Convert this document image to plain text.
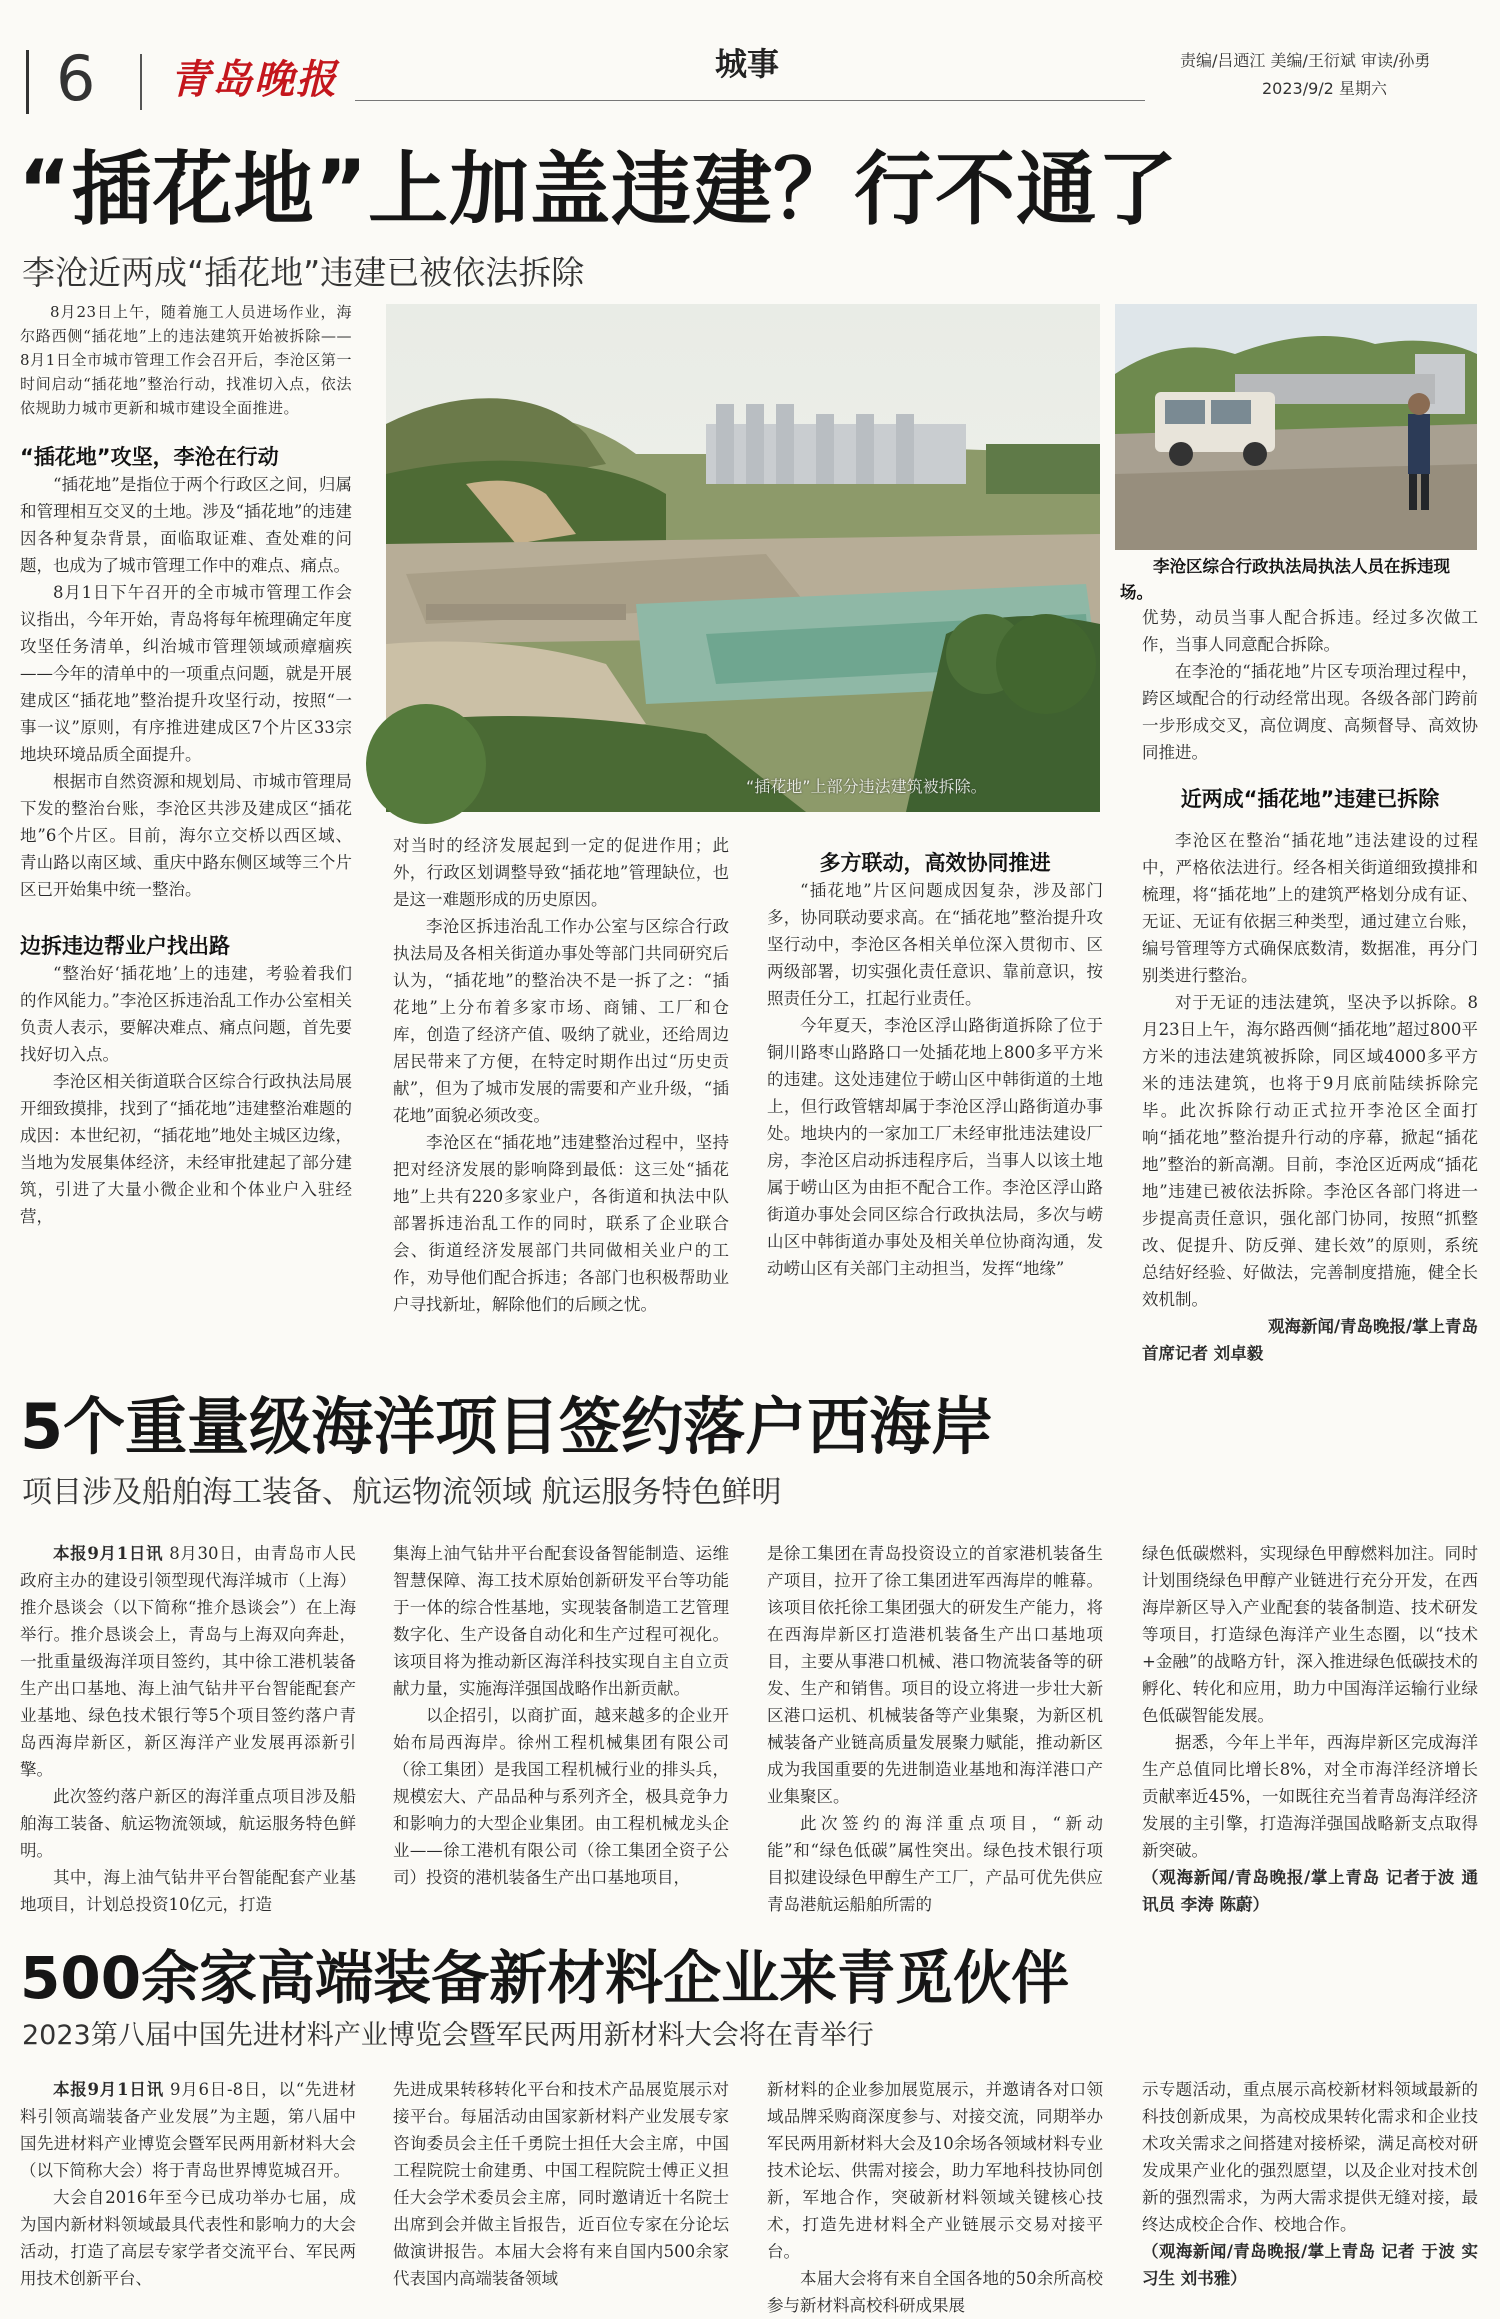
6 青岛晚报	城事	责编/吕迺江 美编/王衍斌 审读/孙勇
2023/9/2 星期六
“插花地”上加盖违建？行不通了
李沧近两成“插花地”违建已被依法拆除

8月23日上午，随着施工人员进场作业，海尔路西侧“插花地”上的违法建筑开始被拆除——8月1日全市城市管理工作会召开后，李沧区第一时间启动“插花地”整治行动，找准切入点，依法依规助力城市更新和城市建设全面推进。

“插花地”攻坚，李沧在行动

“插花地”是指位于两个行政区之间，归属和管理相互交叉的土地。涉及“插花地”的违建因各种复杂背景，面临取证难、查处难的问题，也成为了城市管理工作中的难点、痛点。

8月1日下午召开的全市城市管理工作会议指出，今年开始，青岛将每年梳理确定年度攻坚任务清单，纠治城市管理领域顽瘴痼疾——今年的清单中的一项重点问题，就是开展建成区“插花地”整治提升攻坚行动，按照“一事一议”原则，有序推进建成区7个片区33宗地块环境品质全面提升。

根据市自然资源和规划局、市城市管理局下发的整治台账，李沧区共涉及建成区“插花地”6个片区。目前，海尔立交桥以西区域、青山路以南区域、重庆中路东侧区域等三个片区已开始集中统一整治。

边拆违边帮业户找出路

“整治好‘插花地’上的违建，考验着我们的作风能力。”李沧区拆违治乱工作办公室相关负责人表示，要解决难点、痛点问题，首先要找好切入点。

李沧区相关街道联合区综合行政执法局展开细致摸排，找到了“插花地”违建整治难题的成因：本世纪初，“插花地”地处主城区边缘，当地为发展集体经济，未经审批建起了部分建筑，引进了大量小微企业和个体业户入驻经营，

“插花地”上部分违法建筑被拆除。
李沧区综合行政执法局执法人员在拆违现场。

对当时的经济发展起到一定的促进作用；此外，行政区划调整导致“插花地”管理缺位，也是这一难题形成的历史原因。

李沧区拆违治乱工作办公室与区综合行政执法局及各相关街道办事处等部门共同研究后认为，“插花地”的整治决不是一拆了之：“插花地”上分布着多家市场、商铺、工厂和仓库，创造了经济产值、吸纳了就业，还给周边居民带来了方便，在特定时期作出过“历史贡献”，但为了城市发展的需要和产业升级，“插花地”面貌必须改变。

李沧区在“插花地”违建整治过程中，坚持把对经济发展的影响降到最低：这三处“插花地”上共有220多家业户，各街道和执法中队部署拆违治乱工作的同时，联系了企业联合会、街道经济发展部门共同做相关业户的工作，劝导他们配合拆违；各部门也积极帮助业户寻找新址，解除他们的后顾之忧。

多方联动，高效协同推进

“插花地”片区问题成因复杂，涉及部门多，协同联动要求高。在“插花地”整治提升攻坚行动中，李沧区各相关单位深入贯彻市、区两级部署，切实强化责任意识、靠前意识，按照责任分工，扛起行业责任。

今年夏天，李沧区浮山路街道拆除了位于铜川路枣山路路口一处插花地上800多平方米的违建。这处违建位于崂山区中韩街道的土地上，但行政管辖却属于李沧区浮山路街道办事处。地块内的一家加工厂未经审批违法建设厂房，李沧区启动拆违程序后，当事人以该土地属于崂山区为由拒不配合工作。李沧区浮山路街道办事处会同区综合行政执法局，多次与崂山区中韩街道办事处及相关单位协商沟通，发动崂山区有关部门主动担当，发挥“地缘”

优势，动员当事人配合拆违。经过多次做工作，当事人同意配合拆除。

在李沧的“插花地”片区专项治理过程中，跨区域配合的行动经常出现。各级各部门跨前一步形成交叉，高位调度、高频督导、高效协同推进。

近两成“插花地”违建已拆除

李沧区在整治“插花地”违法建设的过程中，严格依法进行。经各相关街道细致摸排和梳理，将“插花地”上的建筑严格划分成有证、无证、无证有依据三种类型，通过建立台账，编号管理等方式确保底数清，数据准，再分门别类进行整治。

对于无证的违法建筑，坚决予以拆除。8月23日上午，海尔路西侧“插花地”超过800平方米的违法建筑被拆除，同区域4000多平方米的违法建筑，也将于9月底前陆续拆除完毕。此次拆除行动正式拉开李沧区全面打响“插花地”整治提升行动的序幕，掀起“插花地”整治的新高潮。目前，李沧区近两成“插花地”违建已被依法拆除。李沧区各部门将进一步提高责任意识，强化部门协同，按照“抓整改、促提升、防反弹、建长效”的原则，系统总结好经验、好做法，完善制度措施，健全长效机制。

观海新闻/青岛晚报/掌上青岛

首席记者 刘卓毅

5个重量级海洋项目签约落户西海岸
项目涉及船舶海工装备、航运物流领域 航运服务特色鲜明

本报9月1日讯 8月30日，由青岛市人民政府主办的建设引领型现代海洋城市（上海）推介恳谈会（以下简称“推介恳谈会”）在上海举行。推介恳谈会上，青岛与上海双向奔赴，一批重量级海洋项目签约，其中徐工港机装备生产出口基地、海上油气钻井平台智能配套产业基地、绿色技术银行等5个项目签约落户青岛西海岸新区，新区海洋产业发展再添新引擎。

此次签约落户新区的海洋重点项目涉及船舶海工装备、航运物流领域，航运服务特色鲜明。

其中，海上油气钻井平台智能配套产业基地项目，计划总投资10亿元，打造

集海上油气钻井平台配套设备智能制造、运维智慧保障、海工技术原始创新研发平台等功能于一体的综合性基地，实现装备制造工艺管理数字化、生产设备自动化和生产过程可视化。该项目将为推动新区海洋科技实现自主自立贡献力量，实施海洋强国战略作出新贡献。

以企招引，以商扩面，越来越多的企业开始布局西海岸。徐州工程机械集团有限公司（徐工集团）是我国工程机械行业的排头兵，规模宏大、产品品种与系列齐全，极具竞争力和影响力的大型企业集团。由工程机械龙头企业——徐工港机有限公司（徐工集团全资子公司）投资的港机装备生产出口基地项目，

是徐工集团在青岛投资设立的首家港机装备生产项目，拉开了徐工集团进军西海岸的帷幕。该项目依托徐工集团强大的研发生产能力，将在西海岸新区打造港机装备生产出口基地项目，主要从事港口机械、港口物流装备等的研发、生产和销售。项目的设立将进一步壮大新区港口运机、机械装备等产业集聚，为新区机械装备产业链高质量发展聚力赋能，推动新区成为我国重要的先进制造业基地和海洋港口产业集聚区。

此次签约的海洋重点项目，“新动能”和“绿色低碳”属性突出。绿色技术银行项目拟建设绿色甲醇生产工厂，产品可优先供应青岛港航运船舶所需的

绿色低碳燃料，实现绿色甲醇燃料加注。同时计划围绕绿色甲醇产业链进行充分开发，在西海岸新区导入产业配套的装备制造、技术研发等项目，打造绿色海洋产业生态圈，以“技术+金融”的战略方针，深入推进绿色低碳技术的孵化、转化和应用，助力中国海洋运输行业绿色低碳智能发展。

据悉，今年上半年，西海岸新区完成海洋生产总值同比增长8%，对全市海洋经济增长贡献率近45%，一如既往充当着青岛海洋经济发展的主引擎，打造海洋强国战略新支点取得新突破。

（观海新闻/青岛晚报/掌上青岛 记者于波 通讯员 李涛 陈蔚）

500余家高端装备新材料企业来青觅伙伴
2023第八届中国先进材料产业博览会暨军民两用新材料大会将在青举行

本报9月1日讯 9月6日-8日，以“先进材料引领高端装备产业发展”为主题，第八届中国先进材料产业博览会暨军民两用新材料大会（以下简称大会）将于青岛世界博览城召开。

大会自2016年至今已成功举办七届，成为国内新材料领域最具代表性和影响力的大会活动，打造了高层专家学者交流平台、军民两用技术创新平台、

先进成果转移转化平台和技术产品展览展示对接平台。每届活动由国家新材料产业发展专家咨询委员会主任千勇院士担任大会主席，中国工程院院士俞建勇、中国工程院院士傅正义担任大会学术委员会主席，同时邀请近十名院士出席到会并做主旨报告，近百位专家在分论坛做演讲报告。本届大会将有来自国内500余家代表国内高端装备领域

新材料的企业参加展览展示，并邀请各对口领域品牌采购商深度参与、对接交流，同期举办军民两用新材料大会及10余场各领域材料专业技术论坛、供需对接会，助力军地科技协同创新，军地合作，突破新材料领域关键核心技术，打造先进材料全产业链展示交易对接平台。

本届大会将有来自全国各地的50余所高校参与新材料高校科研成果展

示专题活动，重点展示高校新材料领域最新的科技创新成果，为高校成果转化需求和企业技术攻关需求之间搭建对接桥梁，满足高校对研发成果产业化的强烈愿望，以及企业对技术创新的强烈需求，为两大需求提供无缝对接，最终达成校企合作、校地合作。

（观海新闻/青岛晚报/掌上青岛 记者 于波 实习生 刘书雅）
